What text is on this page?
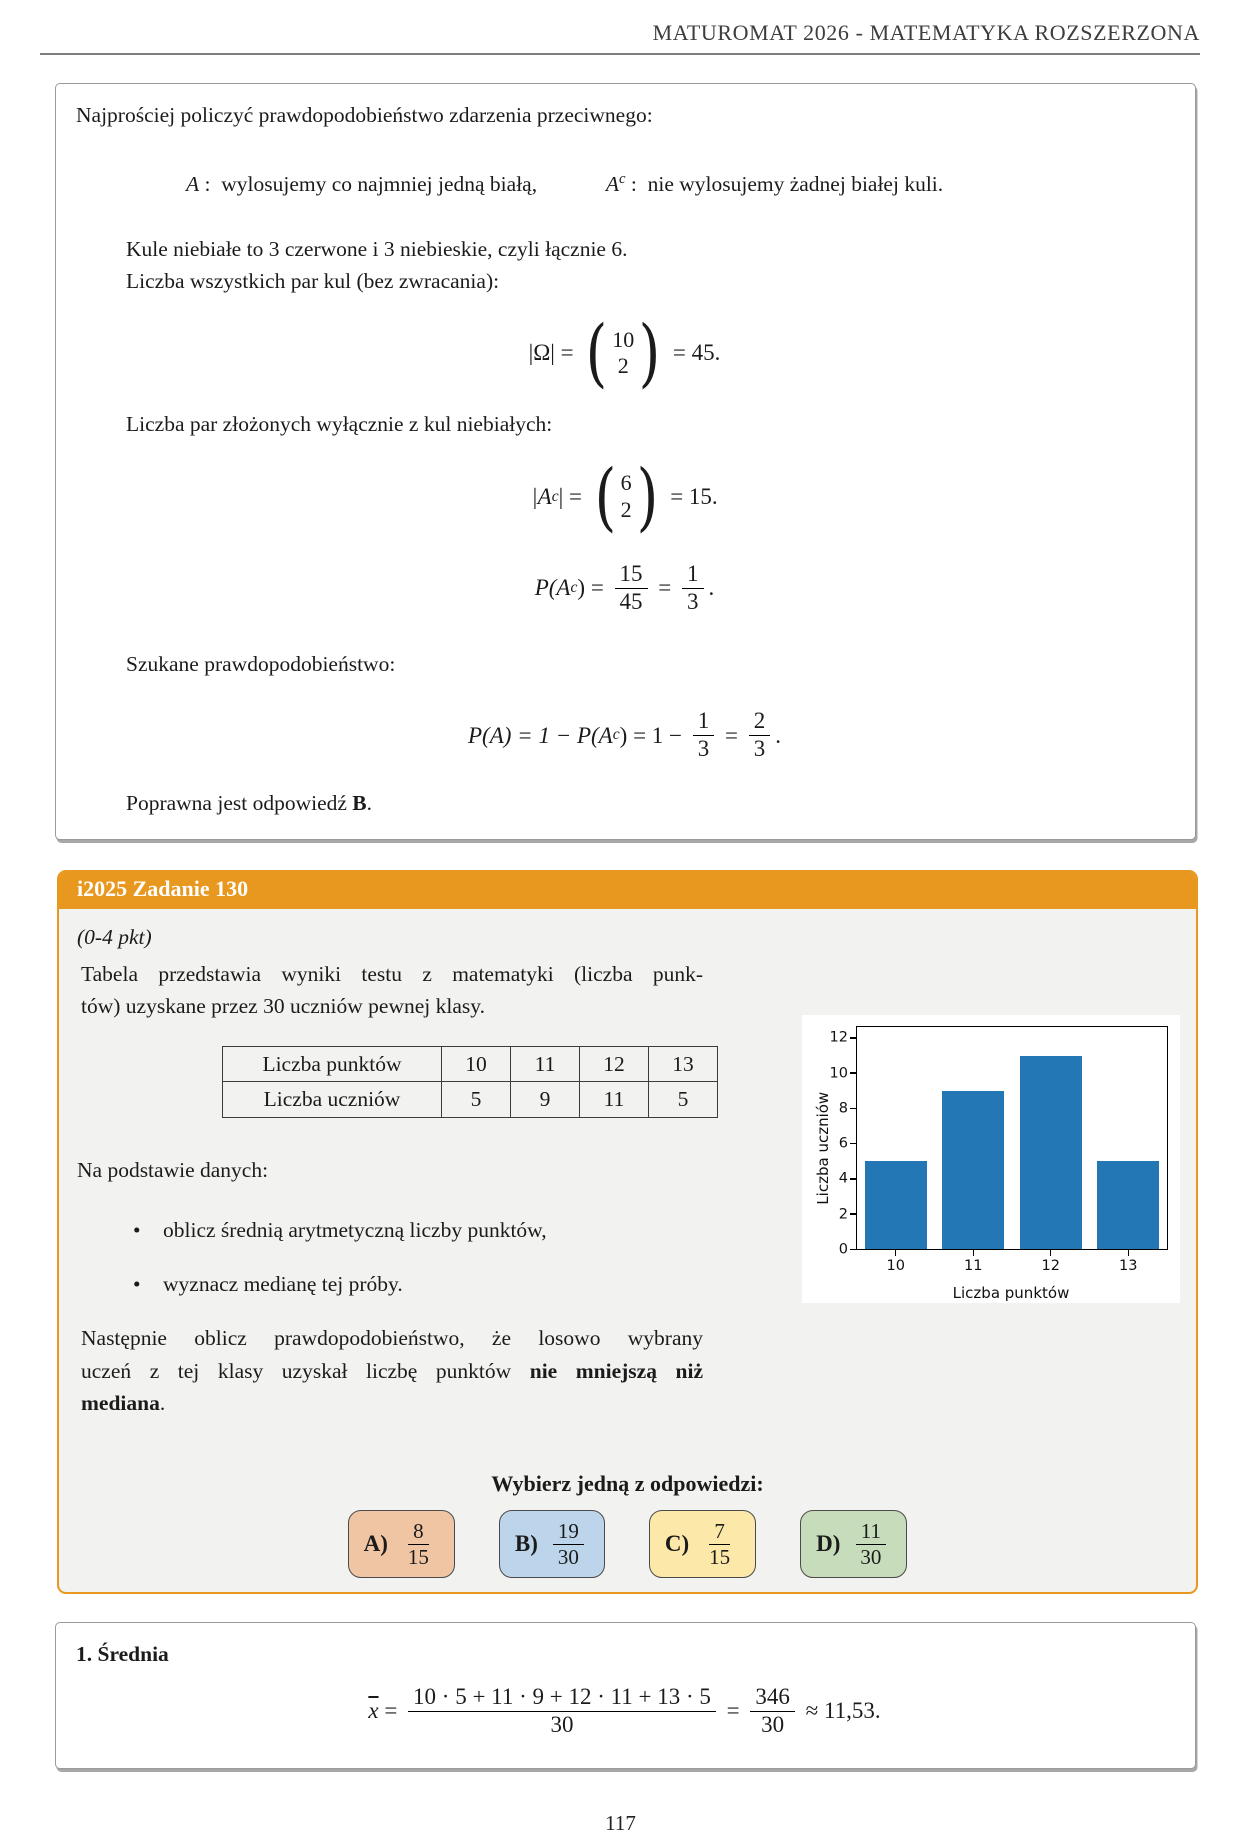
MATUROMAT 2026 - MATEMATYKA ROZSZERZONA

Najprościej policzyć prawdopodobieństwo zdarzenia przeciwnego:

A :  wylosujemy co najmniej jedną białą,	$A^c$ :  nie wylosujemy żadnej białej kuli.

Kule niebiałe to 3 czerwone i 3 niebieskie, czyli łącznie 6.
Liczba wszystkich par kul (bez zwracania):

|Ω| = ( 10
2 ) = 45.

Liczba par złożonych wyłącznie z kul niebiałych:

|A c | = ( 6
2 ) = 15.
P(A c ) = $\frac{15}{45} = \frac{1}{3}$ .

Szukane prawdopodobieństwo:

P(A) = 1 − P(A c ) = $1 - \frac{1}{3} = \frac{2}{3}$ .

Poprawna jest odpowiedź B.

i2025 Zadanie 130

(0-4 pkt)

Tabela przedstawia wyniki testu z matematyki (liczba punk-
tów) uzyskane przez 30 uczniów pewnej klasy.

Liczba punktów	10	11	12	13
Liczba uczniów	5	9	11	5	Liczba uczniów
0
2
4
6
8
10
12
10	11	12	13
Liczba punktów

Na podstawie danych:

•	oblicz średnią arytmetyczną liczby punktów,
•	wyznacz medianę tej próby.

Następnie oblicz prawdopodobieństwo, że losowo wybrany
uczeń z tej klasy uzyskał liczbę punktów nie mniejszą niż
mediana.

Wybierz jedną z odpowiedzi:
$A) \frac{8}{15}$	$B) \frac{19}{30}$	$C) \frac{7}{15}$	$D) \frac{11}{30}$

1. Średnia

$\overline{x} = \frac{10 \cdot 5 + 11 \cdot 9 + 12 \cdot 11 + 13 \cdot 5}{30} = \frac{346}{30} \approx 11,53$.
117
